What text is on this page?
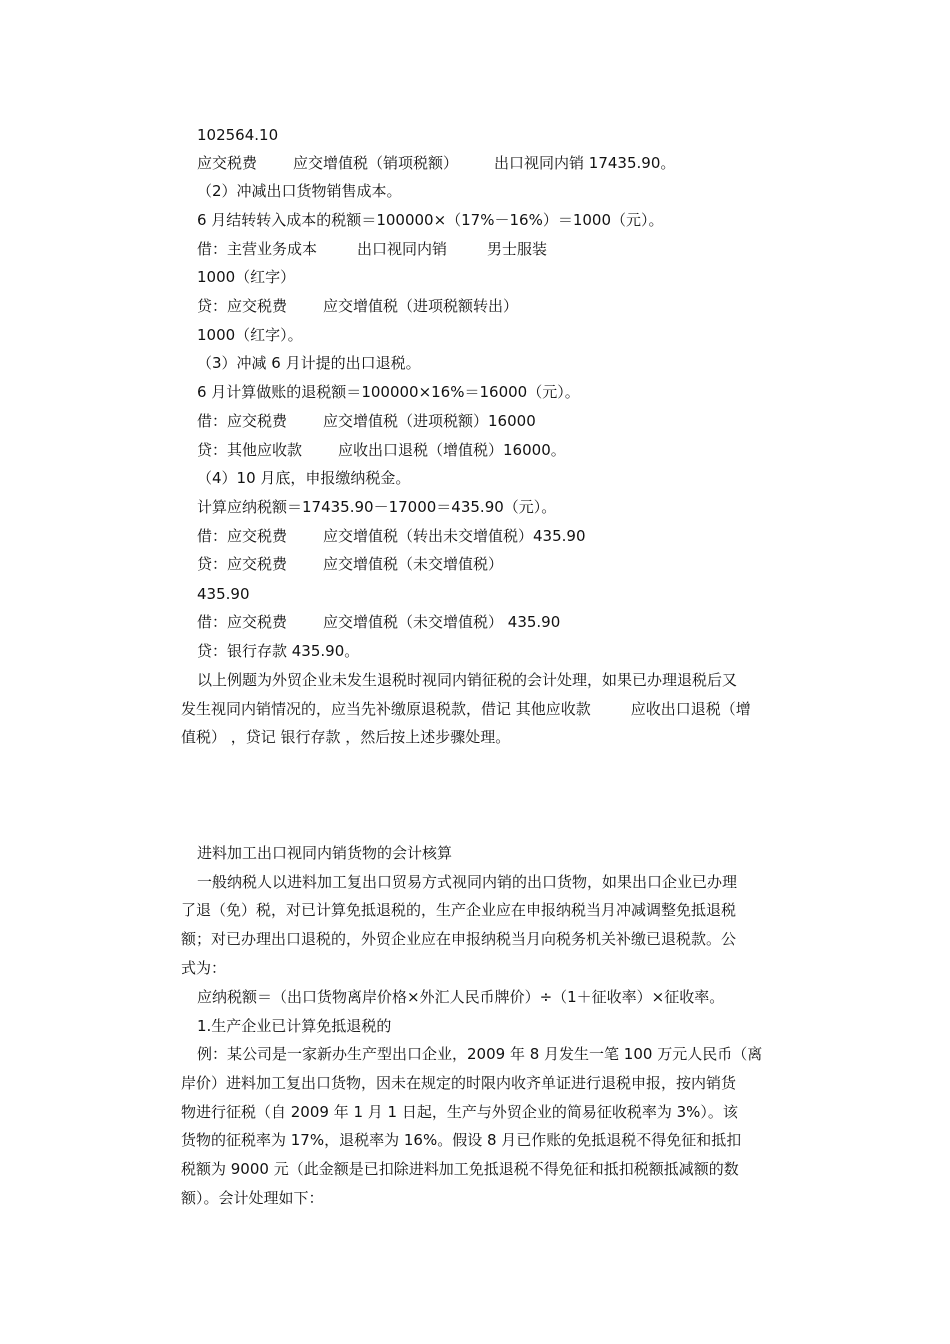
102564.10
应交税费 应交增值税（销项税额） 出口视同内销 17435.90。
（2）冲减出口货物销售成本。
6 月结转转入成本的税额＝100000×（17%－16%）＝1000（元）。
借：主营业务成本	出口视同内销	男士服装
1000（红字）
贷：应交税费 应交增值税（进项税额转出）
1000（红字）。
（3）冲减 6 月计提的出口退税。
6 月计算做账的退税额＝100000×16%＝16000（元）。
借：应交税费 应交增值税（进项税额）16000
贷：其他应收款 应收出口退税（增值税）16000。
（4）10 月底，申报缴纳税金。
计算应纳税额＝17435.90－17000＝435.90（元）。
借：应交税费 应交增值税（转出未交增值税）435.90
贷：应交税费 应交增值税（未交增值税）
435.90
借：应交税费 应交增值税（未交增值税） 435.90
贷：银行存款 435.90。
以上例题为外贸企业未发生退税时视同内销征税的会计处理，如果已办理退税后又
发生视同内销情况的，应当先补缴原退税款，借记 其他应收款	应收出口退税（增
值税） ，贷记 银行存款 ，然后按上述步骤处理。
进料加工出口视同内销货物的会计核算
一般纳税人以进料加工复出口贸易方式视同内销的出口货物，如果出口企业已办理
了退（免）税，对已计算免抵退税的，生产企业应在申报纳税当月冲减调整免抵退税
额；对已办理出口退税的，外贸企业应在申报纳税当月向税务机关补缴已退税款。公
式为：
应纳税额＝（出口货物离岸价格×外汇人民币牌价）÷（1＋征收率）×征收率。
1.生产企业已计算免抵退税的
例：某公司是一家新办生产型出口企业，2009 年 8 月发生一笔 100 万元人民币（离
岸价）进料加工复出口货物，因未在规定的时限内收齐单证进行退税申报，按内销货
物进行征税（自 2009 年 1 月 1 日起，生产与外贸企业的简易征收税率为 3%）。该
货物的征税率为 17%，退税率为 16%。假设 8 月已作账的免抵退税不得免征和抵扣
税额为 9000 元（此金额是已扣除进料加工免抵退税不得免征和抵扣税额抵减额的数
额）。会计处理如下：
